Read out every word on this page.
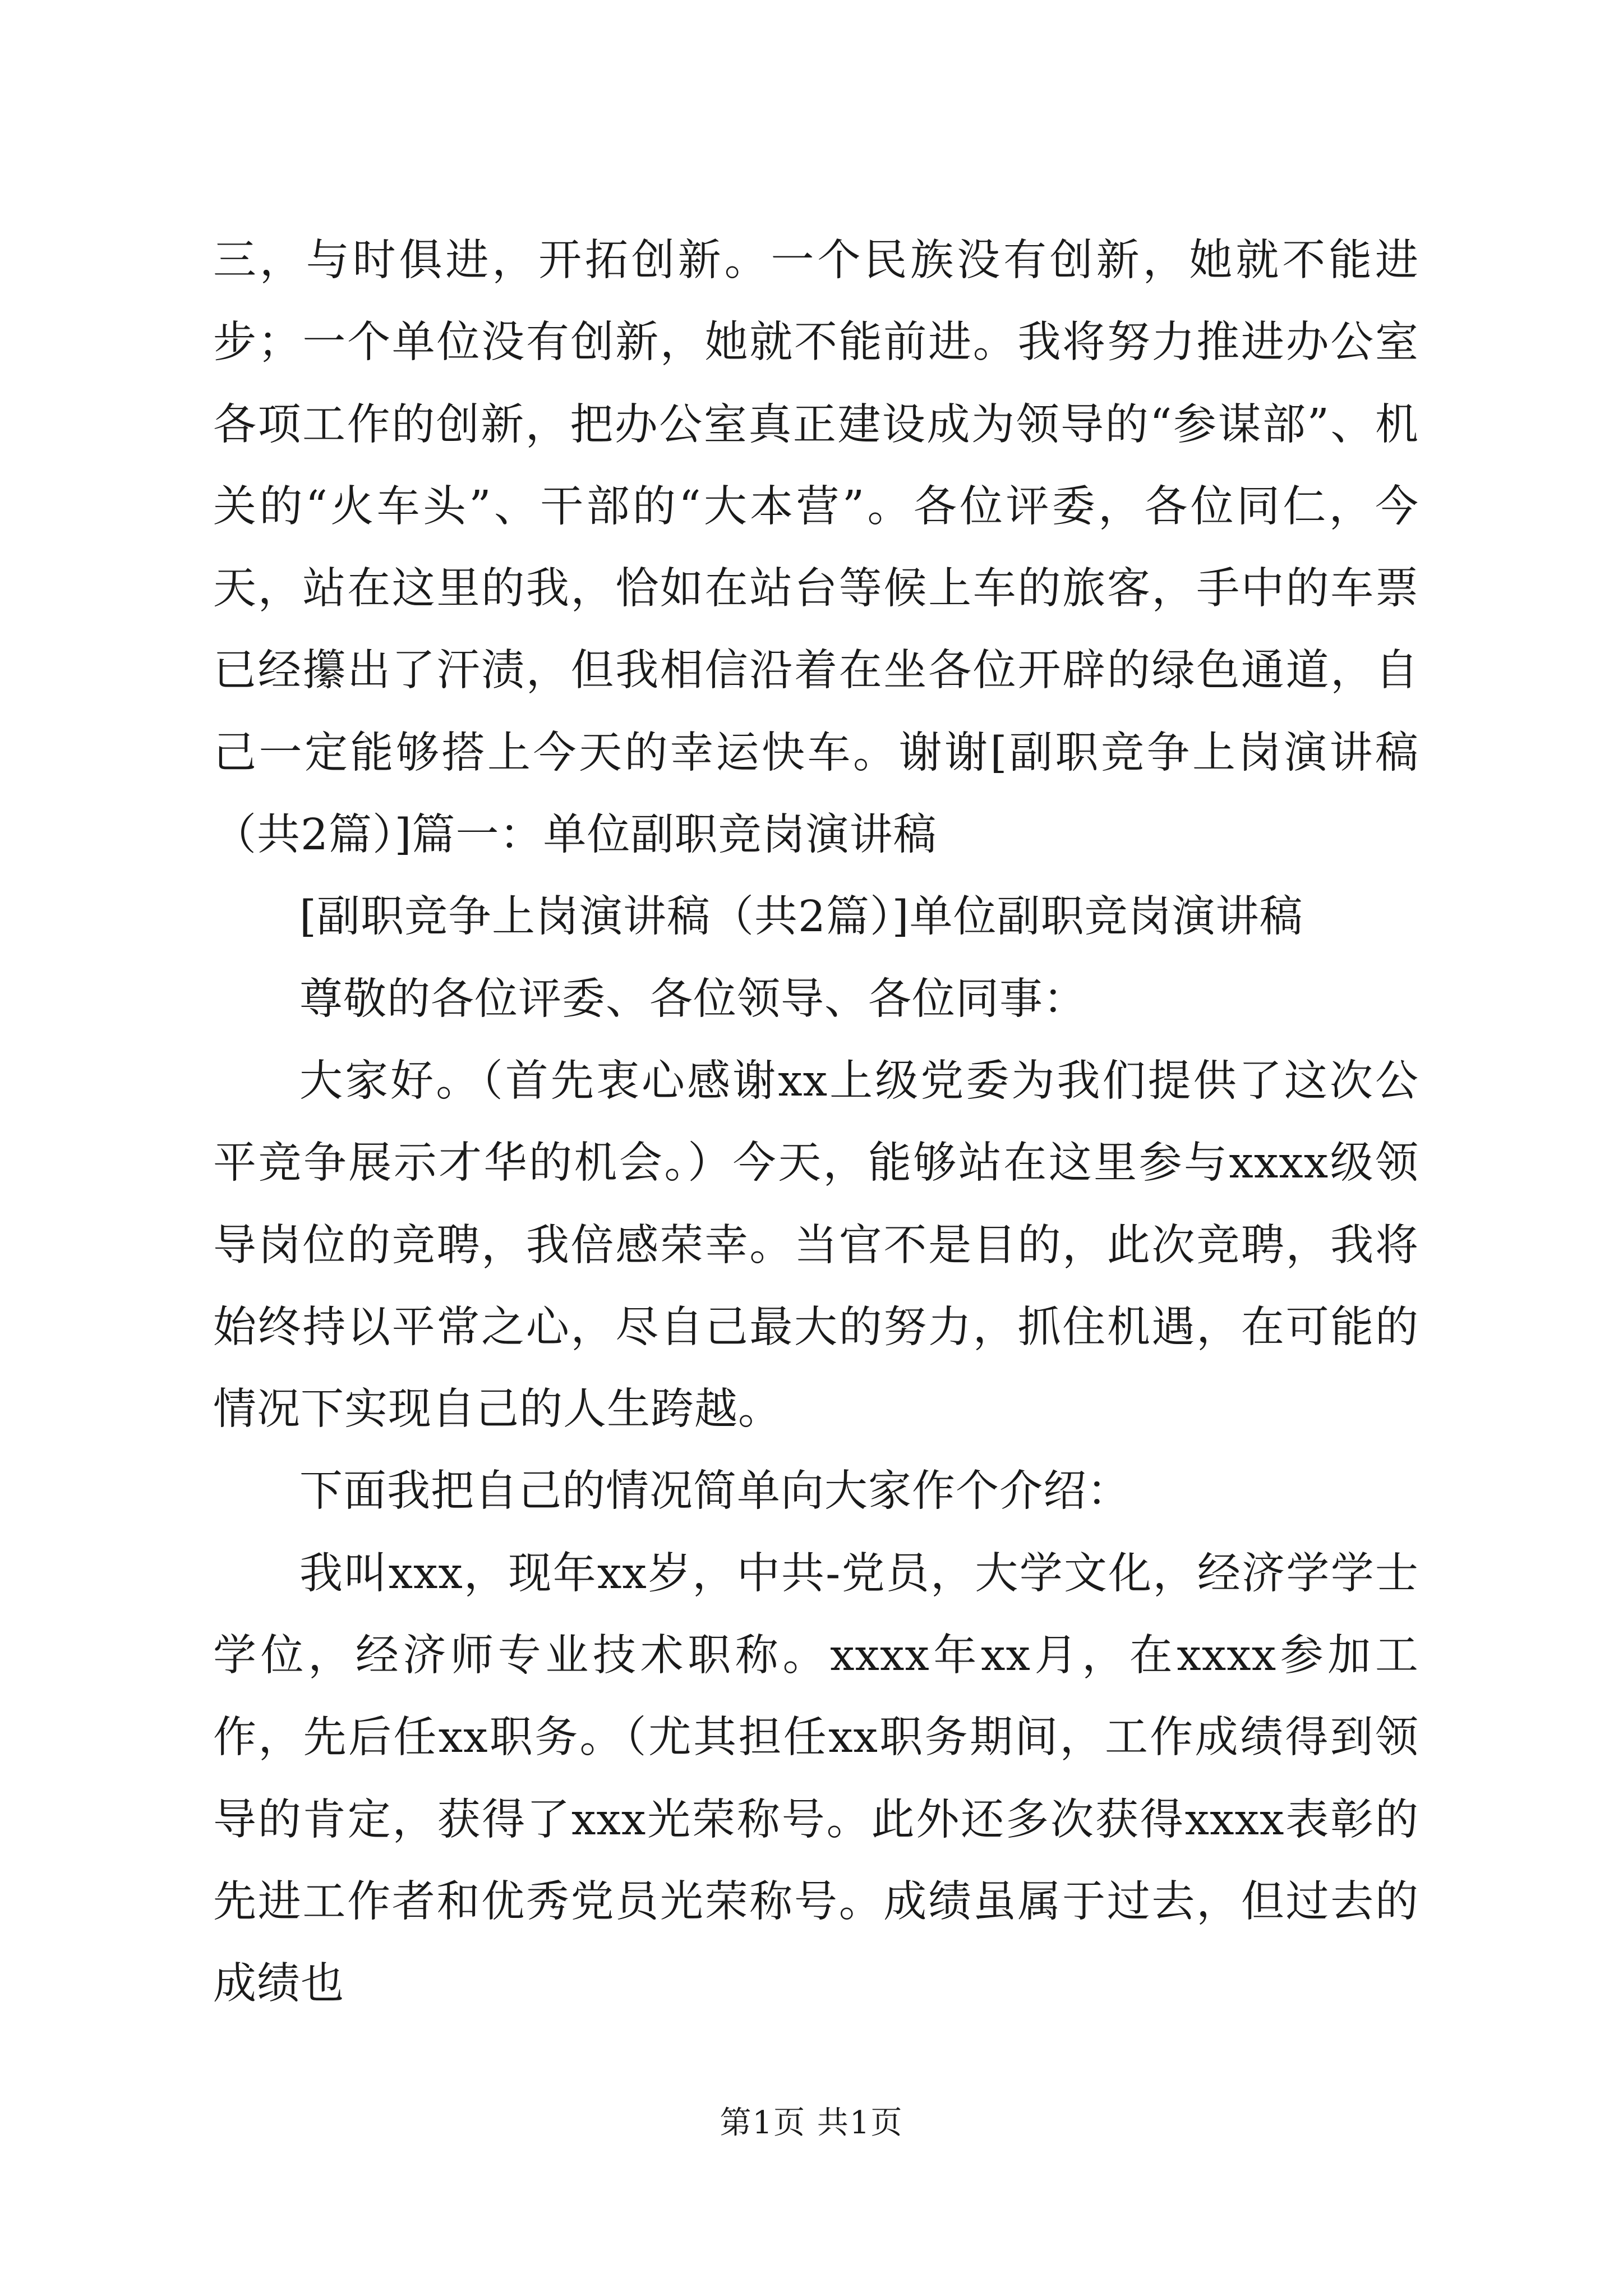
三，与时俱进，开拓创新。一个民族没有创新，她就不能进步；一个单位没有创新，她就不能前进。我将努力推进办公室各项工作的创新，把办公室真正建设成为领导的“参谋部”、机关的“火车头”、干部的“大本营”。各位评委，各位同仁，今天，站在这里的我，恰如在站台等候上车的旅客，手中的车票已经攥出了汗渍，但我相信沿着在坐各位开辟的绿色通道，自己一定能够搭上今天的幸运快车。谢谢[副职竞争上岗演讲稿（共2篇）]篇一：单位副职竞岗演讲稿

[副职竞争上岗演讲稿（共2篇）]单位副职竞岗演讲稿

尊敬的各位评委、各位领导、各位同事：

大家好。（首先衷心感谢xx上级党委为我们提供了这次公平竞争展示才华的机会。）今天，能够站在这里参与xxxx级领导岗位的竞聘，我倍感荣幸。当官不是目的，此次竞聘，我将始终持以平常之心，尽自己最大的努力，抓住机遇，在可能的情况下实现自己的人生跨越。

下面我把自己的情况简单向大家作个介绍：

我叫xxx，现年xx岁，中共-党员，大学文化，经济学学士学位，经济师专业技术职称。xxxx年xx月，在xxxx参加工作，先后任xx职务。（尤其担任xx职务期间，工作成绩得到领导的肯定，获得了xxx光荣称号。此外还多次获得xxxx表彰的先进工作者和优秀党员光荣称号。成绩虽属于过去，但过去的成绩也

第1页 共1页
